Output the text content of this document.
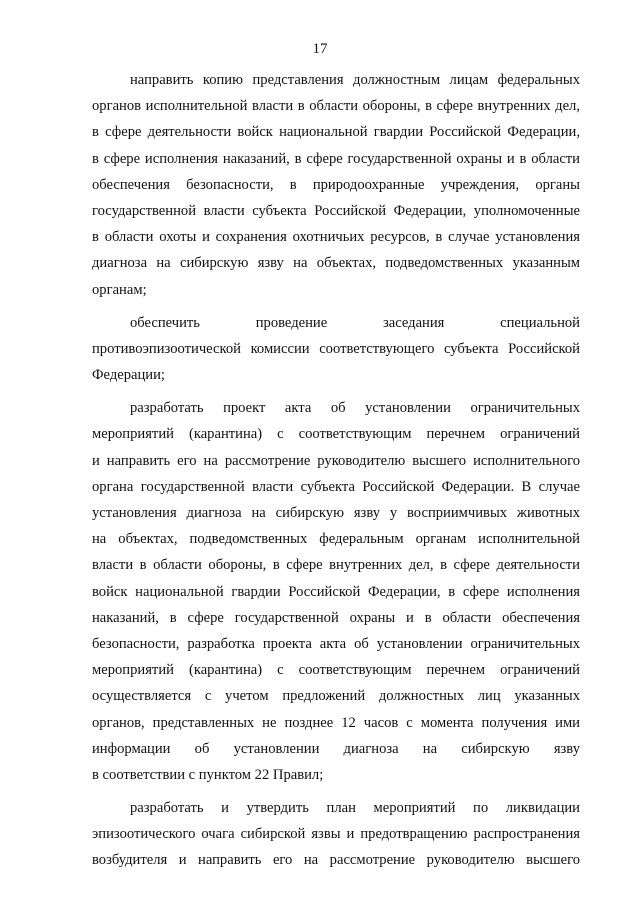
17
направить копию представления должностным лицам федеральных
органов исполнительной власти в области обороны, в сфере внутренних дел,
в сфере деятельности войск национальной гвардии Российской Федерации,
в сфере исполнения наказаний, в сфере государственной охраны и в области
обеспечения безопасности, в природоохранные учреждения, органы
государственной власти субъекта Российской Федерации, уполномоченные
в области охоты и сохранения охотничьих ресурсов, в случае установления
диагноза на сибирскую язву на объектах, подведомственных указанным
органам;
обеспечить проведение заседания специальной
противоэпизоотической комиссии соответствующего субъекта Российской
Федерации;
разработать проект акта об установлении ограничительных
мероприятий (карантина) с соответствующим перечнем ограничений
и направить его на рассмотрение руководителю высшего исполнительного
органа государственной власти субъекта Российской Федерации. В случае
установления диагноза на сибирскую язву у восприимчивых животных
на объектах, подведомственных федеральным органам исполнительной
власти в области обороны, в сфере внутренних дел, в сфере деятельности
войск национальной гвардии Российской Федерации, в сфере исполнения
наказаний, в сфере государственной охраны и в области обеспечения
безопасности, разработка проекта акта об установлении ограничительных
мероприятий (карантина) с соответствующим перечнем ограничений
осуществляется с учетом предложений должностных лиц указанных
органов, представленных не позднее 12 часов с момента получения ими
информации об установлении диагноза на сибирскую язву
в соответствии с пунктом 22 Правил;
разработать и утвердить план мероприятий по ликвидации
эпизоотического очага сибирской язвы и предотвращению распространения
возбудителя и направить его на рассмотрение руководителю высшего
